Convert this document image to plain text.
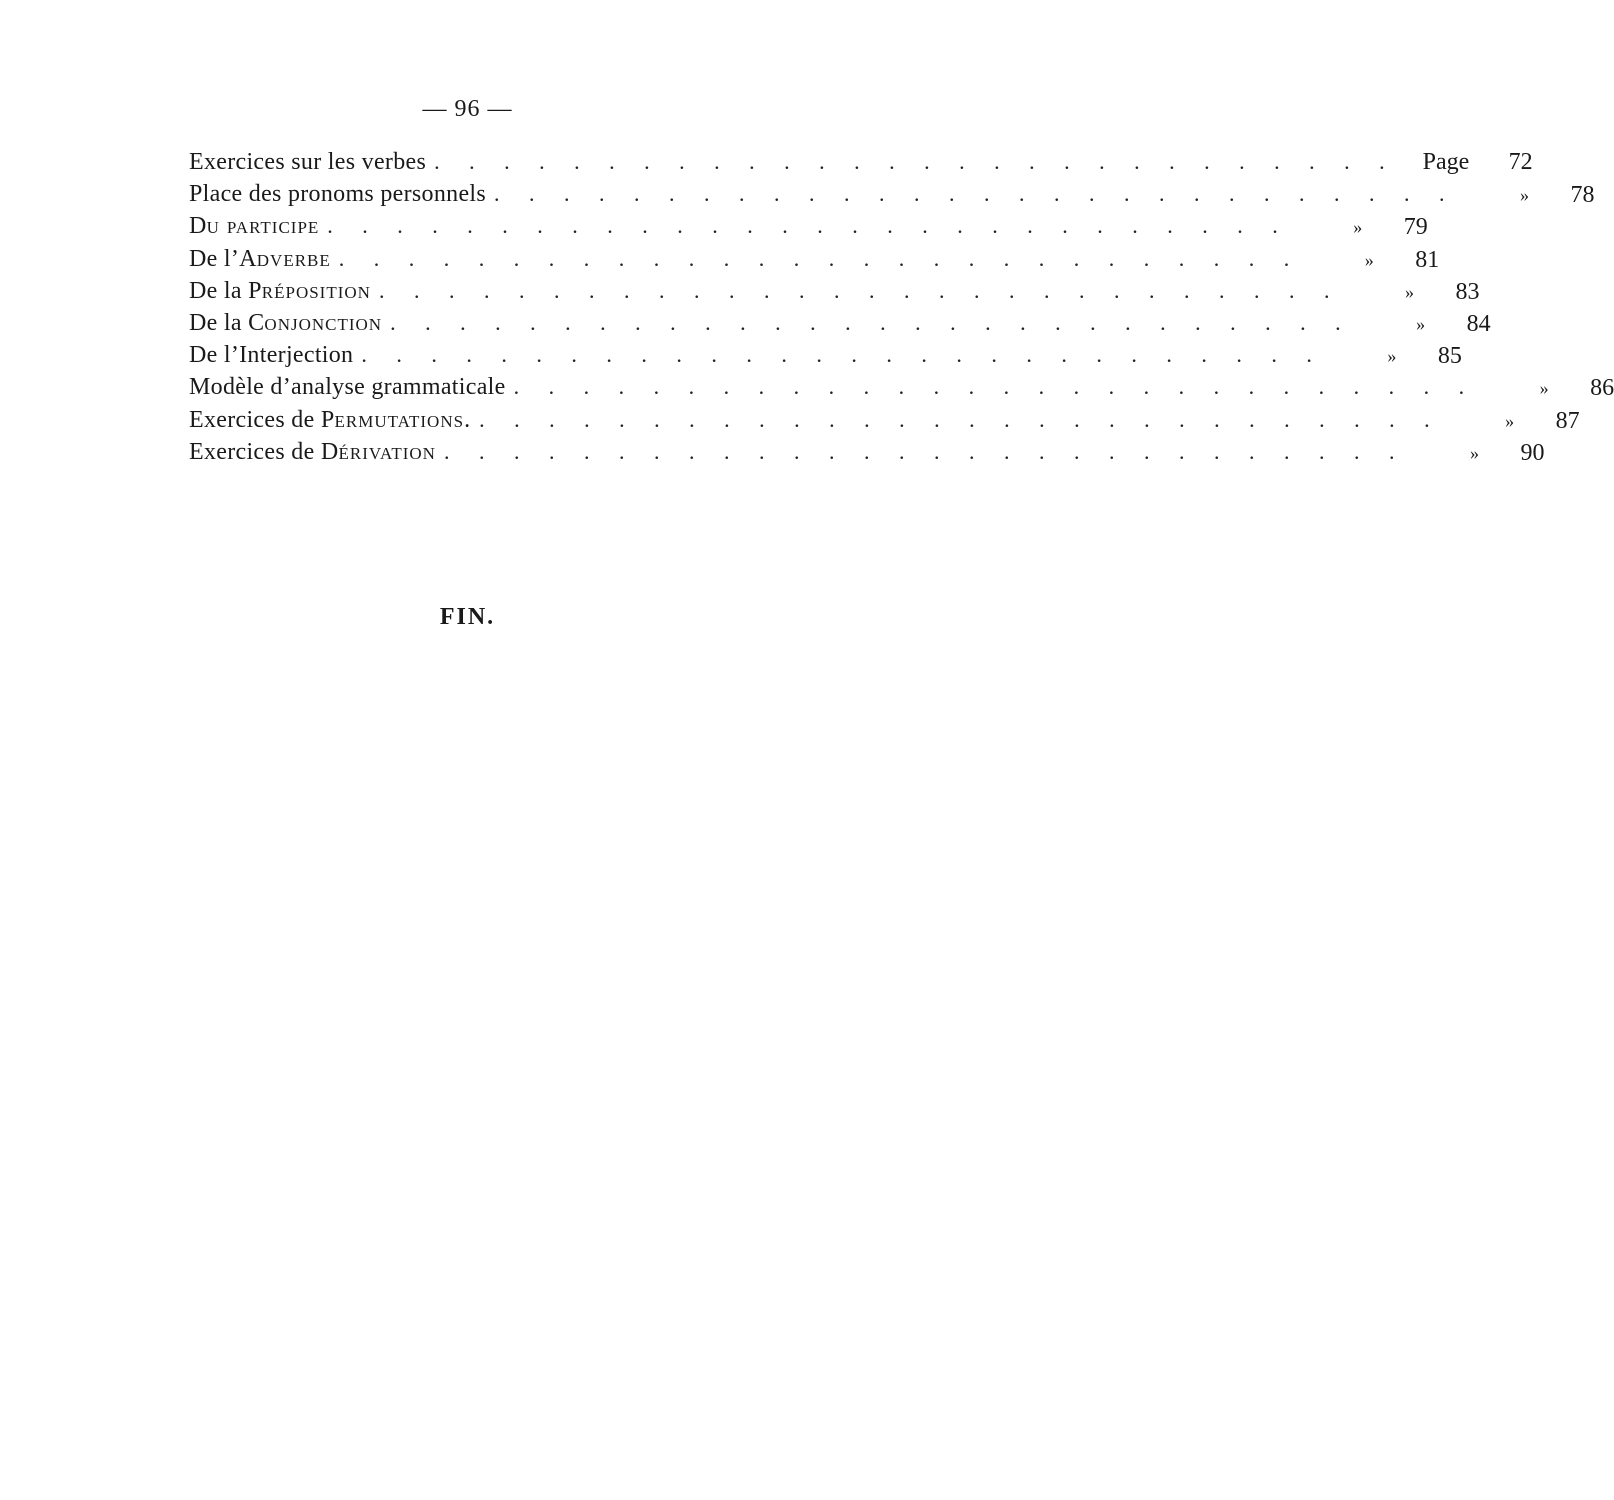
— 96 —
Exercices sur les verbes . . . . . . . . . . . . . . . . . . . . . . . . . . . . Page	72
Place des pronoms personnels . . . . . . . . . . . . . . . . . . . . . . . . . . . .	»	78
Du participe . . . . . . . . . . . . . . . . . . . . . . . . . . . .	»	79
De l’Adverbe . . . . . . . . . . . . . . . . . . . . . . . . . . . .	»	81
De la Préposition . . . . . . . . . . . . . . . . . . . . . . . . . . . .	»	83
De la Conjonction . . . . . . . . . . . . . . . . . . . . . . . . . . . .	»	84
De l’Interjection . . . . . . . . . . . . . . . . . . . . . . . . . . . .	»	85
Modèle d’analyse grammaticale . . . . . . . . . . . . . . . . . . . . . . . . . . . .	»	86
Exercices de Permutations. . . . . . . . . . . . . . . . . . . . . . . . . . . . .	»	87
Exercices de Dérivation . . . . . . . . . . . . . . . . . . . . . . . . . . . .	»	90
FIN.
